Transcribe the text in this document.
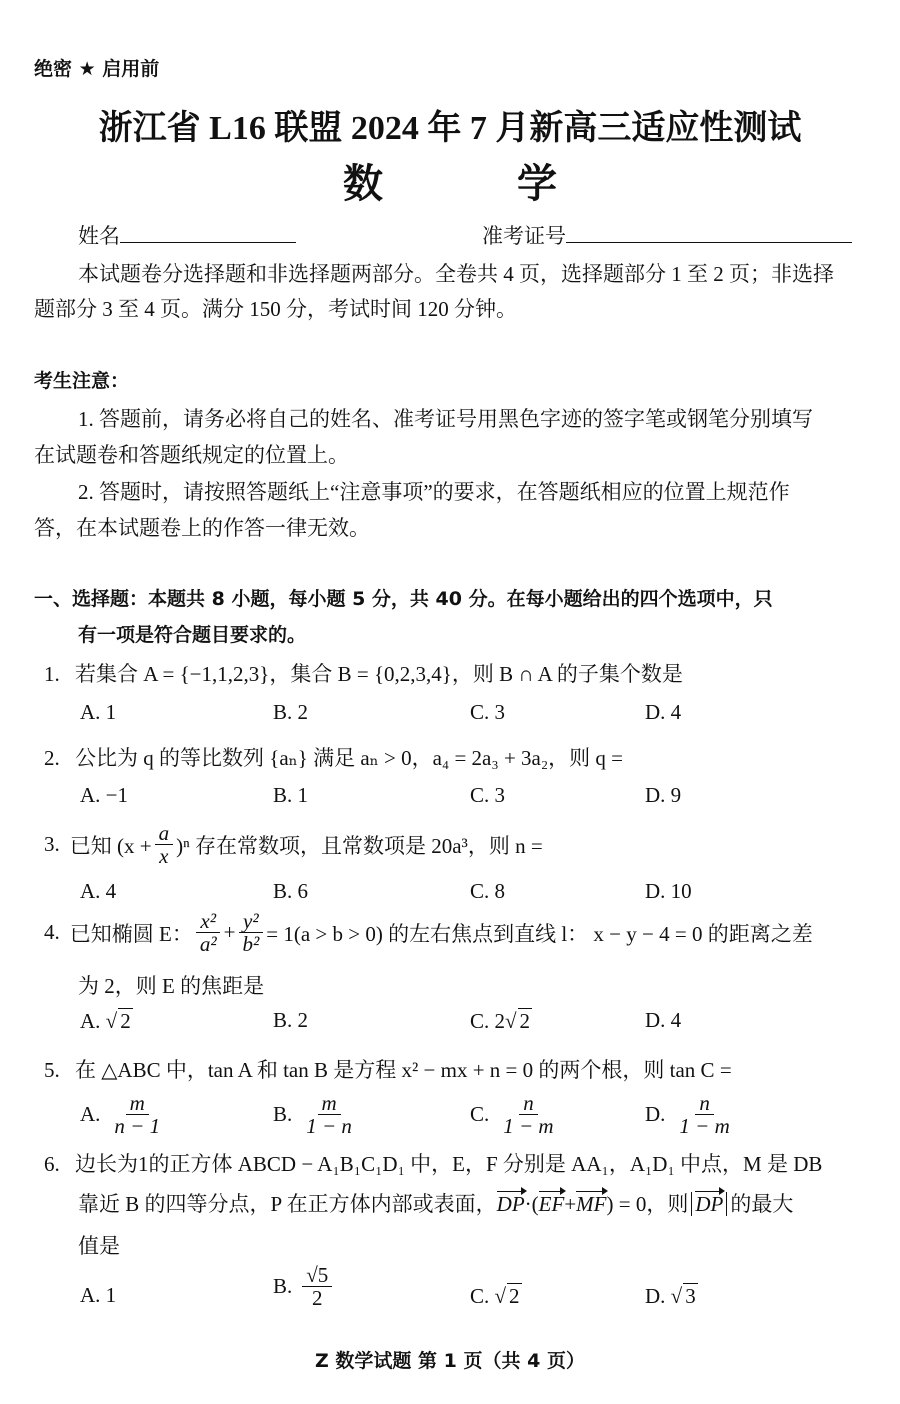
绝密 ★ 启用前
浙江省 L16 联盟 2024 年 7 月新高三适应性测试
数 学
姓名	准考证号
本试题卷分选择题和非选择题两部分。全卷共 4 页，选择题部分 1 至 2 页；非选择
题部分 3 至 4 页。满分 150 分，考试时间 120 分钟。
考生注意：
1. 答题前，请务必将自己的姓名、准考证号用黑色字迹的签字笔或钢笔分别填写
在试题卷和答题纸规定的位置上。
2. 答题时，请按照答题纸上“注意事项”的要求，在答题纸相应的位置上规范作
答，在本试题卷上的作答一律无效。
一、选择题：本题共 8 小题，每小题 5 分，共 40 分。在每小题给出的四个选项中，只
有一项是符合题目要求的。
1. 若集合 A = {−1,1,2,3}，集合 B = {0,2,3,4}，则 B ∩ A 的子集个数是
A. 1	B. 2	C. 3	D. 4
2. 公比为 q 的等比数列 {aₙ} 满足 aₙ > 0，a₄ = 2a₃ + 3a₂，则 q =
A. −1	B. 1	C. 3	D. 9
3. 已知 $(x + \frac{a}{x} )^n$ 存在常数项，且常数项是 20a³，则 n =
A. 4	B. 6	C. 8	D. 10
4. 已知椭圆 E： $\frac{\text{x²}}{\text{a²}} + \frac{\text{y²}}{\text{b²}} = 1(a > b > 0)$ 的左右焦点到直线 l： x − y − 4 = 0 的距离之差
为 2，则 E 的焦距是
A. √ 2	B. 2	C. 2√ 2	D. 4
5. 在 △ABC 中，tan A 和 tan B 是方程 x² − mx + n = 0 的两个根，则 tan C =
A. $\frac{m}{n - 1}$	B. $\frac{m}{1 - n}$	C. $\frac{n}{1 - m}$	D. $\frac{n}{1 - m}$
6. 边长为1的正方体 ABCD − A₁B₁C₁D₁ 中，E，F 分别是 AA₁，A₁D₁ 中点，M 是 DB
靠近 B 的四等分点，P 在正方体内部或表面，DP·(EF+MF) = 0，则 DP 的最大
值是
A. 1	B. $\frac{√5}{2}$	C. √ 2	D. √ 3
Z 数学试题 第 1 页（共 4 页）
